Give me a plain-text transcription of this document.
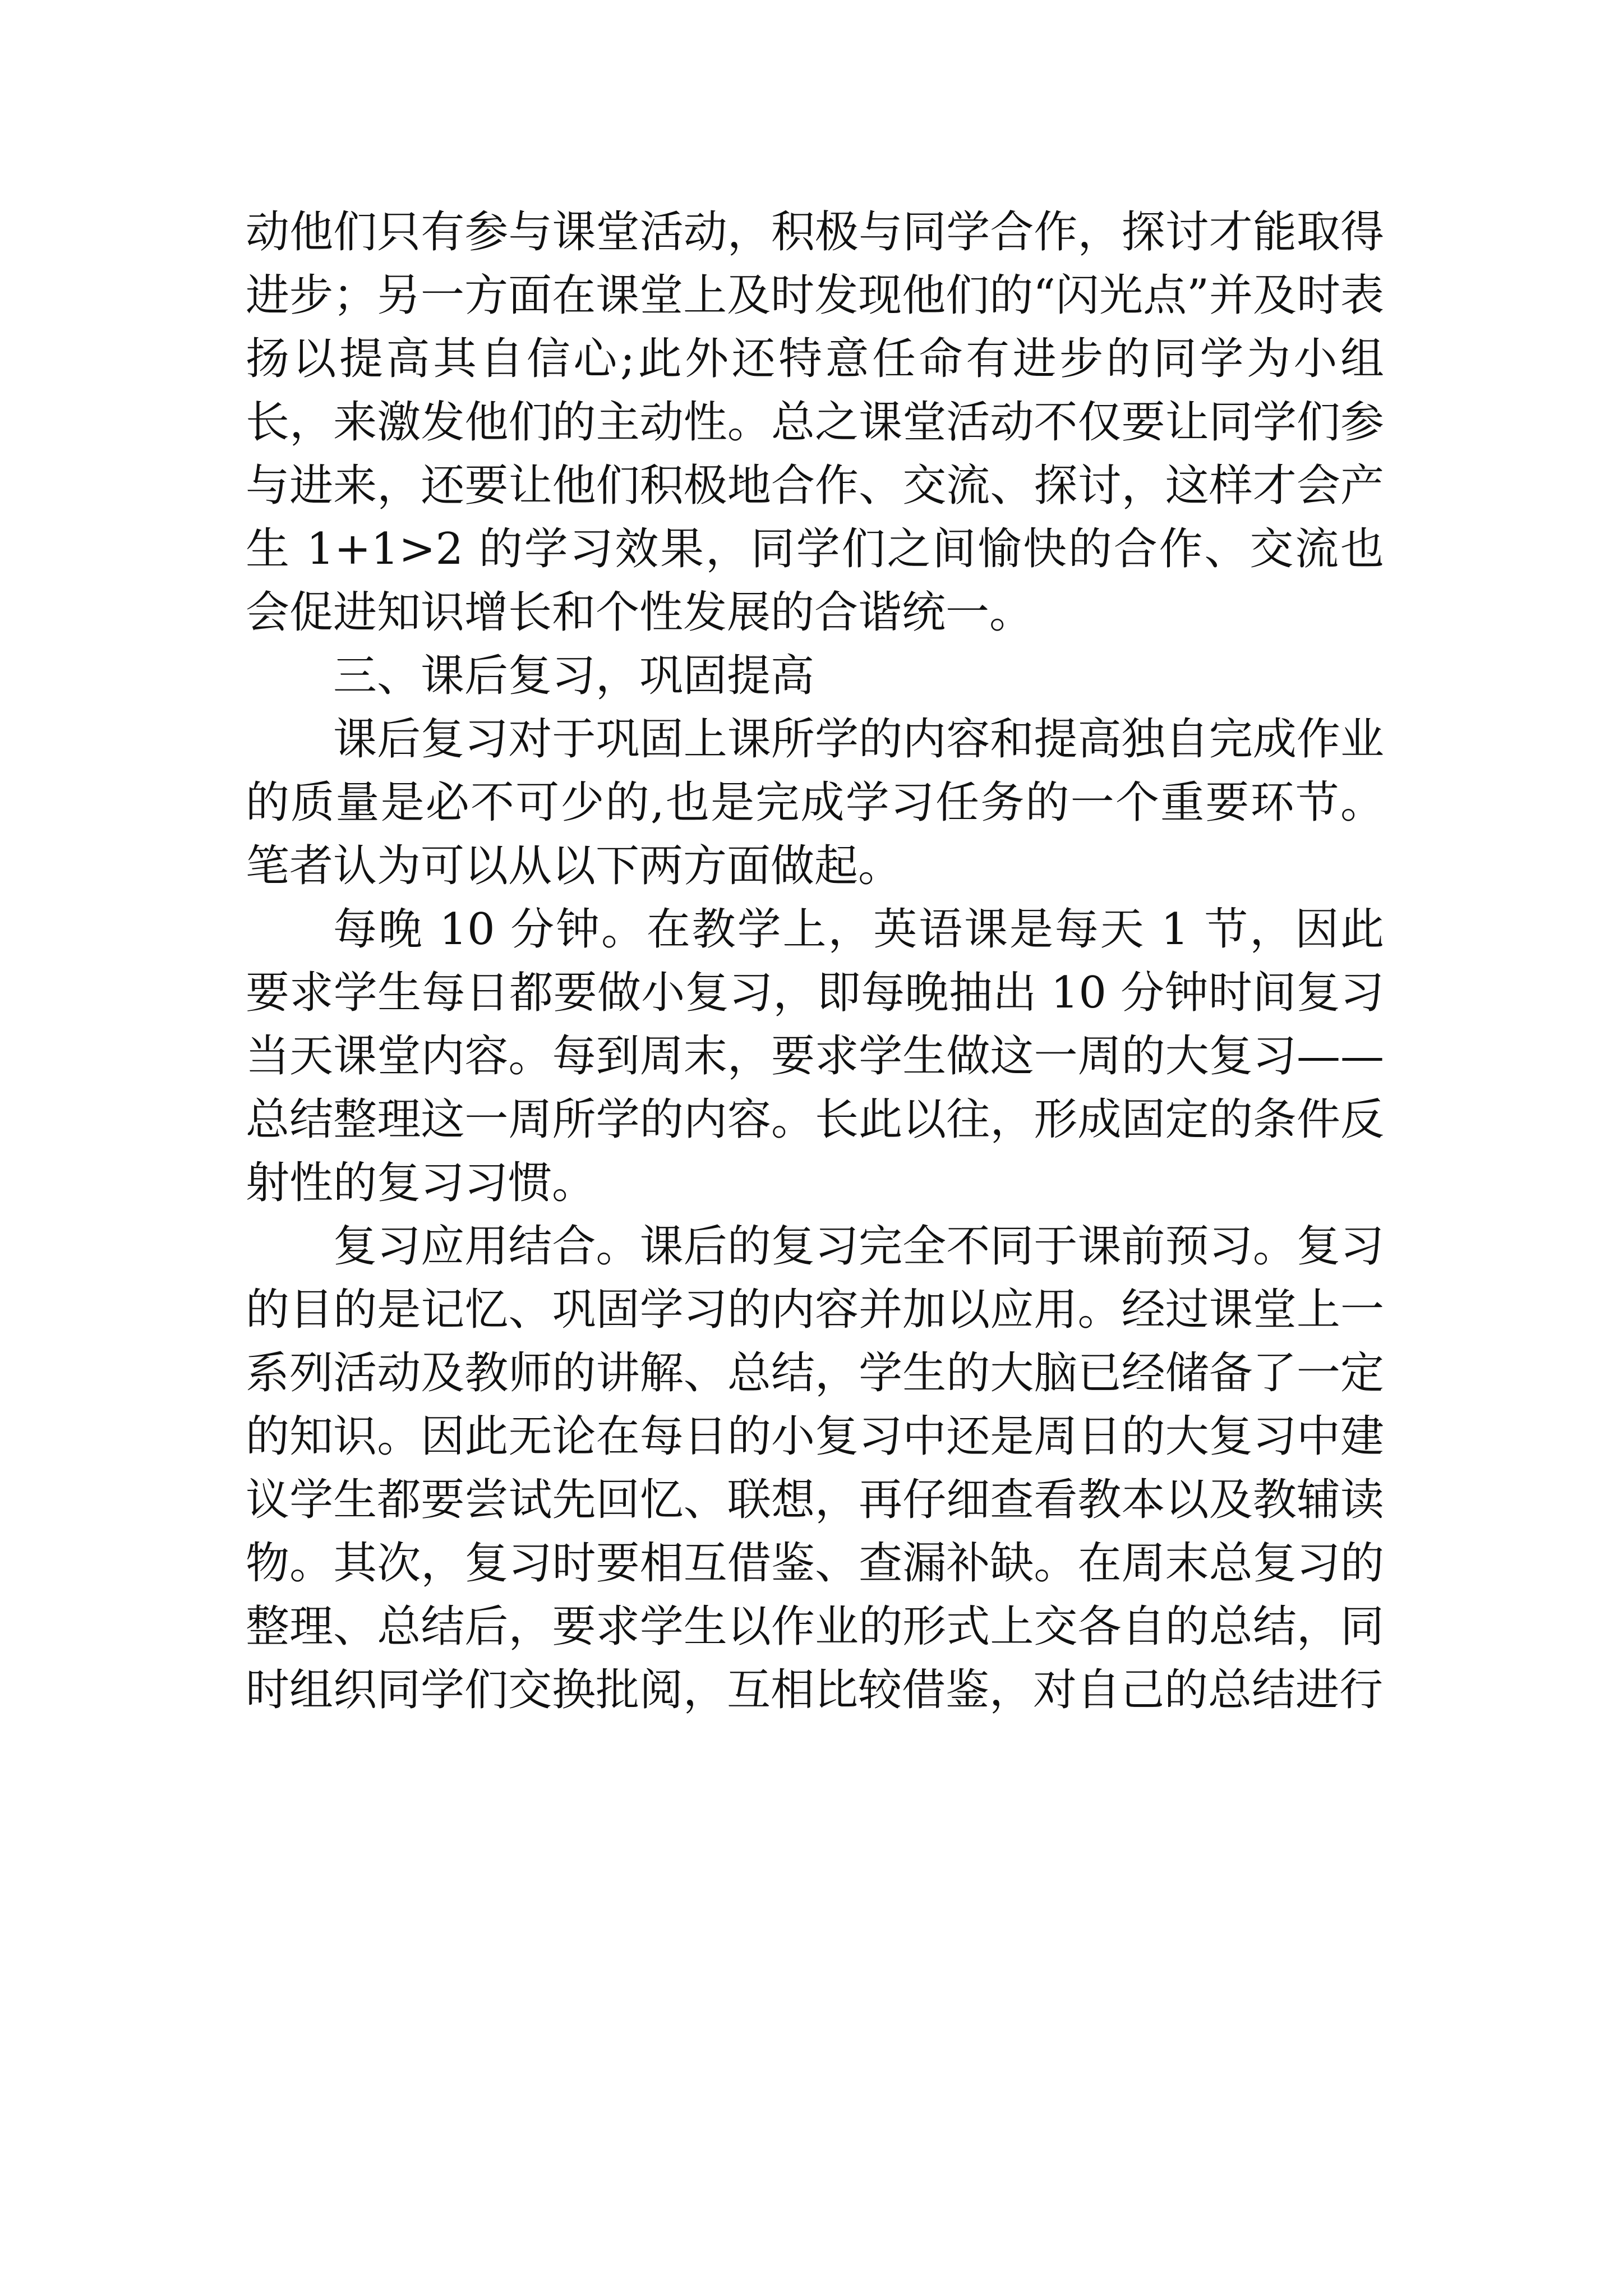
动他们只有参与课堂活动，积极与同学合作，探讨才能取得进步；另一方面在课堂上及时发现他们的“闪光点”并及时表扬以提高其自信心;此外还特意任命有进步的同学为小组长，来激发他们的主动性。总之课堂活动不仅要让同学们参与进来，还要让他们积极地合作、交流、探讨，这样才会产生 1+1>2 的学习效果，同学们之间愉快的合作、交流也会促进知识增长和个性发展的合谐统一。

三、课后复习，巩固提高

课后复习对于巩固上课所学的内容和提高独自完成作业的质量是必不可少的,也是完成学习任务的一个重要环节。笔者认为可以从以下两方面做起。

每晚 10 分钟。在教学上，英语课是每天 1 节，因此要求学生每日都要做小复习，即每晚抽出 10 分钟时间复习当天课堂内容。每到周末，要求学生做这一周的大复习——总结整理这一周所学的内容。长此以往，形成固定的条件反射性的复习习惯。

复习应用结合。课后的复习完全不同于课前预习。复习的目的是记忆、巩固学习的内容并加以应用。经过课堂上一系列活动及教师的讲解、总结，学生的大脑已经储备了一定的知识。因此无论在每日的小复习中还是周日的大复习中建议学生都要尝试先回忆、联想，再仔细查看教本以及教辅读物。其次，复习时要相互借鉴、查漏补缺。在周末总复习的整理、总结后，要求学生以作业的形式上交各自的总结，同时组织同学们交换批阅，互相比较借鉴，对自己的总结进行
